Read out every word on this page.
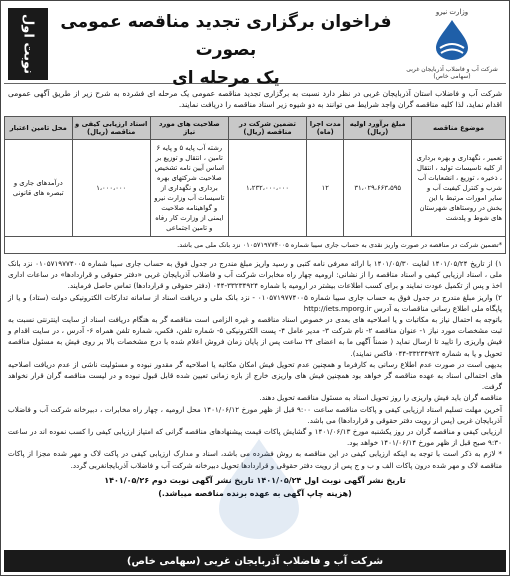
نوبت اول	فراخوان برگزاری تجدید مناقصه عمومی بصورت
یک مرحله ای
وزارت نیرو
شرکت آب و فاضلاب آذربایجان غربی (سهامی خاص)
شرکت آب و فاضلاب استان آذربایجان غربی در نظر دارد نسبت به برگزاری تجدید مناقصه عمومی یک مرحله ای فشرده به شرح زیر از طریق آگهی عمومی اقدام نماید، لذا کلیه مناقصه گران واجد شرایط می توانند به دو شیوه زیر اسناد مناقصه را دریافت نمایند.
موضوع مناقصه	مبلغ برآورد اولیه (ریال)	مدت اجرا (ماه)	تضمین شرکت در مناقصه (ریال)	صلاحیت های مورد نیاز	اسناد ارزیابی کیفی و مناقصه (ریال)	محل تامین اعتبار
تعمیر ، نگهداری و بهره برداری از کلیه تاسیسات تولید ، انتقال ، ذخیره ، توزیع ، انشعابات آب شرب و کنترل کیفیت آب و سایر امورات مرتبط با این بخش در روستاهای شهرستان های شوط و پلدشت	۳۱،۰۲۹،۶۶۳،۵۹۵	۱۲	۱،۲۳۲،۰۰۰،۰۰۰	رشته آب پایه ۵ و پایه ۶ تامین ، انتقال و توزیع بر اساس آیین نامه تشخیص صلاحیت شرکتهای بهره برداری و نگهداری از تاسیسات آب وزارت نیرو و گواهینامه صلاحیت ایمنی از وزارت کار رفاه و تامین اجتماعی	۱،۰۰۰،۰۰۰	درآمدهای جاری و تبصره های قانونی
*تضمین شرکت در مناقصه در صورت واریز نقدی به حساب جاری سیبا شماره ۰۱۰۵۷۱۹۷۷۴۰۰۵ نزد بانک ملی می باشد.						

۱) از تاریخ ۱۴۰۱/۰۵/۲۴ لغایت ۱۴۰۱/۰۵/۳۰ با ارائه معرفی نامه کتبی و رسید واریز مبلغ مندرج در جدول فوق به حساب جاری سیبا شماره ۰۱۰۵۷۱۹۷۷۴۰۰۵ نزد بانک ملی ، اسناد ارزیابی کیفی و اسناد مناقصه را از نشانی: ارومیه چهار راه مخابرات شرکت آب و فاضلاب آذربایجان غربی «دفتر حقوقی و قراردادها» در ساعات اداری اخذ و پس از تکمیل عودت نمایند و برای کسب اطلاعات بیشتر در ارومیه با شماره ۳۳۲۳۴۹۲۴-۰۴۴ (دفتر حقوقی و قراردادها) تماس حاصل فرمایند.

۲) واریز مبلغ مندرج در جدول فوق به حساب جاری سیبا شماره ۰۱۰۵۷۱۹۷۷۴۰۰۵ - نزد بانک ملی و دریافت اسناد از سامانه تدارکات الکترونیکی دولت (ستاد) و یا از پایگاه ملی اطلاع رسانی مناقصات به آدرس http://iets.mporg.ir

باتوجه به احتمال نیاز به مکاتبات و یا اصلاحیه های بعدی در خصوص اسناد مناقصه و غیره الزامی است مناقصه گر به هنگام دریافت اسناد از سایت اینترنتی نسبت به ثبت مشخصات مورد نیاز ۱- عنوان مناقصه ۲- نام شرکت ۳- مدیر عامل ۴- پست الکترونیکی ۵- شماره تلفن، فکس، شماره تلفن همراه ۶- آدرس ، در سایت اقدام و فیش واریزی را تایید تا ارسال نماید ( ضمناً آگهی ما به اعضای ۲۴ ساعت پس از پایان زمان فروش اعلام شده با درج مشخصات بالا بر روی فیش به مسئول مناقصه تحویل و یا به شماره ۳۳۲۳۴۹۲۴-۰۴۴ فاکس نمایند).

بدیهی است در صورت عدم اطلاع رسانی به کارفرما و همچنین عدم تحویل فیش امکان مکاتبه یا اصلاحیه گر مقدور نبوده و مسئولیت ناشی از عدم دریافت اصلاحیه های احتمالی اسناد به عهده مناقصه گر خواهد بود همچنین فیش های واریزی خارج از بازه زمانی تعیین شده قابل قبول نبوده و در لیست مناقصه گران قرار نخواهد گرفت.

مناقصه گران باید فیش واریزی را روز تحویل اسناد به مسئول مناقصه تحویل دهند.

آخرین مهلت تسلیم اسناد ارزیابی کیفی و پاکات مناقصه ساعت ۹:۰۰ قبل از ظهر مورخ ۱۴۰۱/۰۶/۱۲ محل ارومیه ، چهار راه مخابرات ، دبیرخانه شرکت آب و فاضلاب آذربایجان غربی (پس از رویت دفتر حقوقی و قراردادها) می باشد.

ارزیابی کیفی و مناقصه گران در روز یکشنبه مورخ ۱۴۰۱/۰۶/۱۳ و گشایش پاکات قیمت پیشنهادهای مناقصه گرانی که امتیاز ارزیابی کیفی را کسب نموده اند در ساعت ۹:۳۰ صبح قبل از ظهر مورخ ۱۴۰۱/۰۶/۱۴ خواهد بود.

* لازم به ذکر است با توجه به اینکه ارزیابی کیفی در این مناقصه به روش فشرده می باشد، اسناد و مدارک ارزیابی کیفی در پاکت لاک و مهر شده مجزا از پاکات مناقصه لاک و مهر شده درون پاکات الف و ب و ج پس از رویت دفتر حقوقی و قراردادها تحویل دبیرخانه شرکت آب و فاضلاب آذربایجانغربی گردد.

تاریخ نشر آگهی نوبت اول ۱۴۰۱/۰۵/۲۴ تاریخ نشر آگهی نوبت دوم ۱۴۰۱/۰۵/۲۶
(هزینه چاپ آگهی به عهده برنده مناقصه میباشد.)
شرکت آب و فاضلاب آذربایجان غربی (سهامی خاص)
